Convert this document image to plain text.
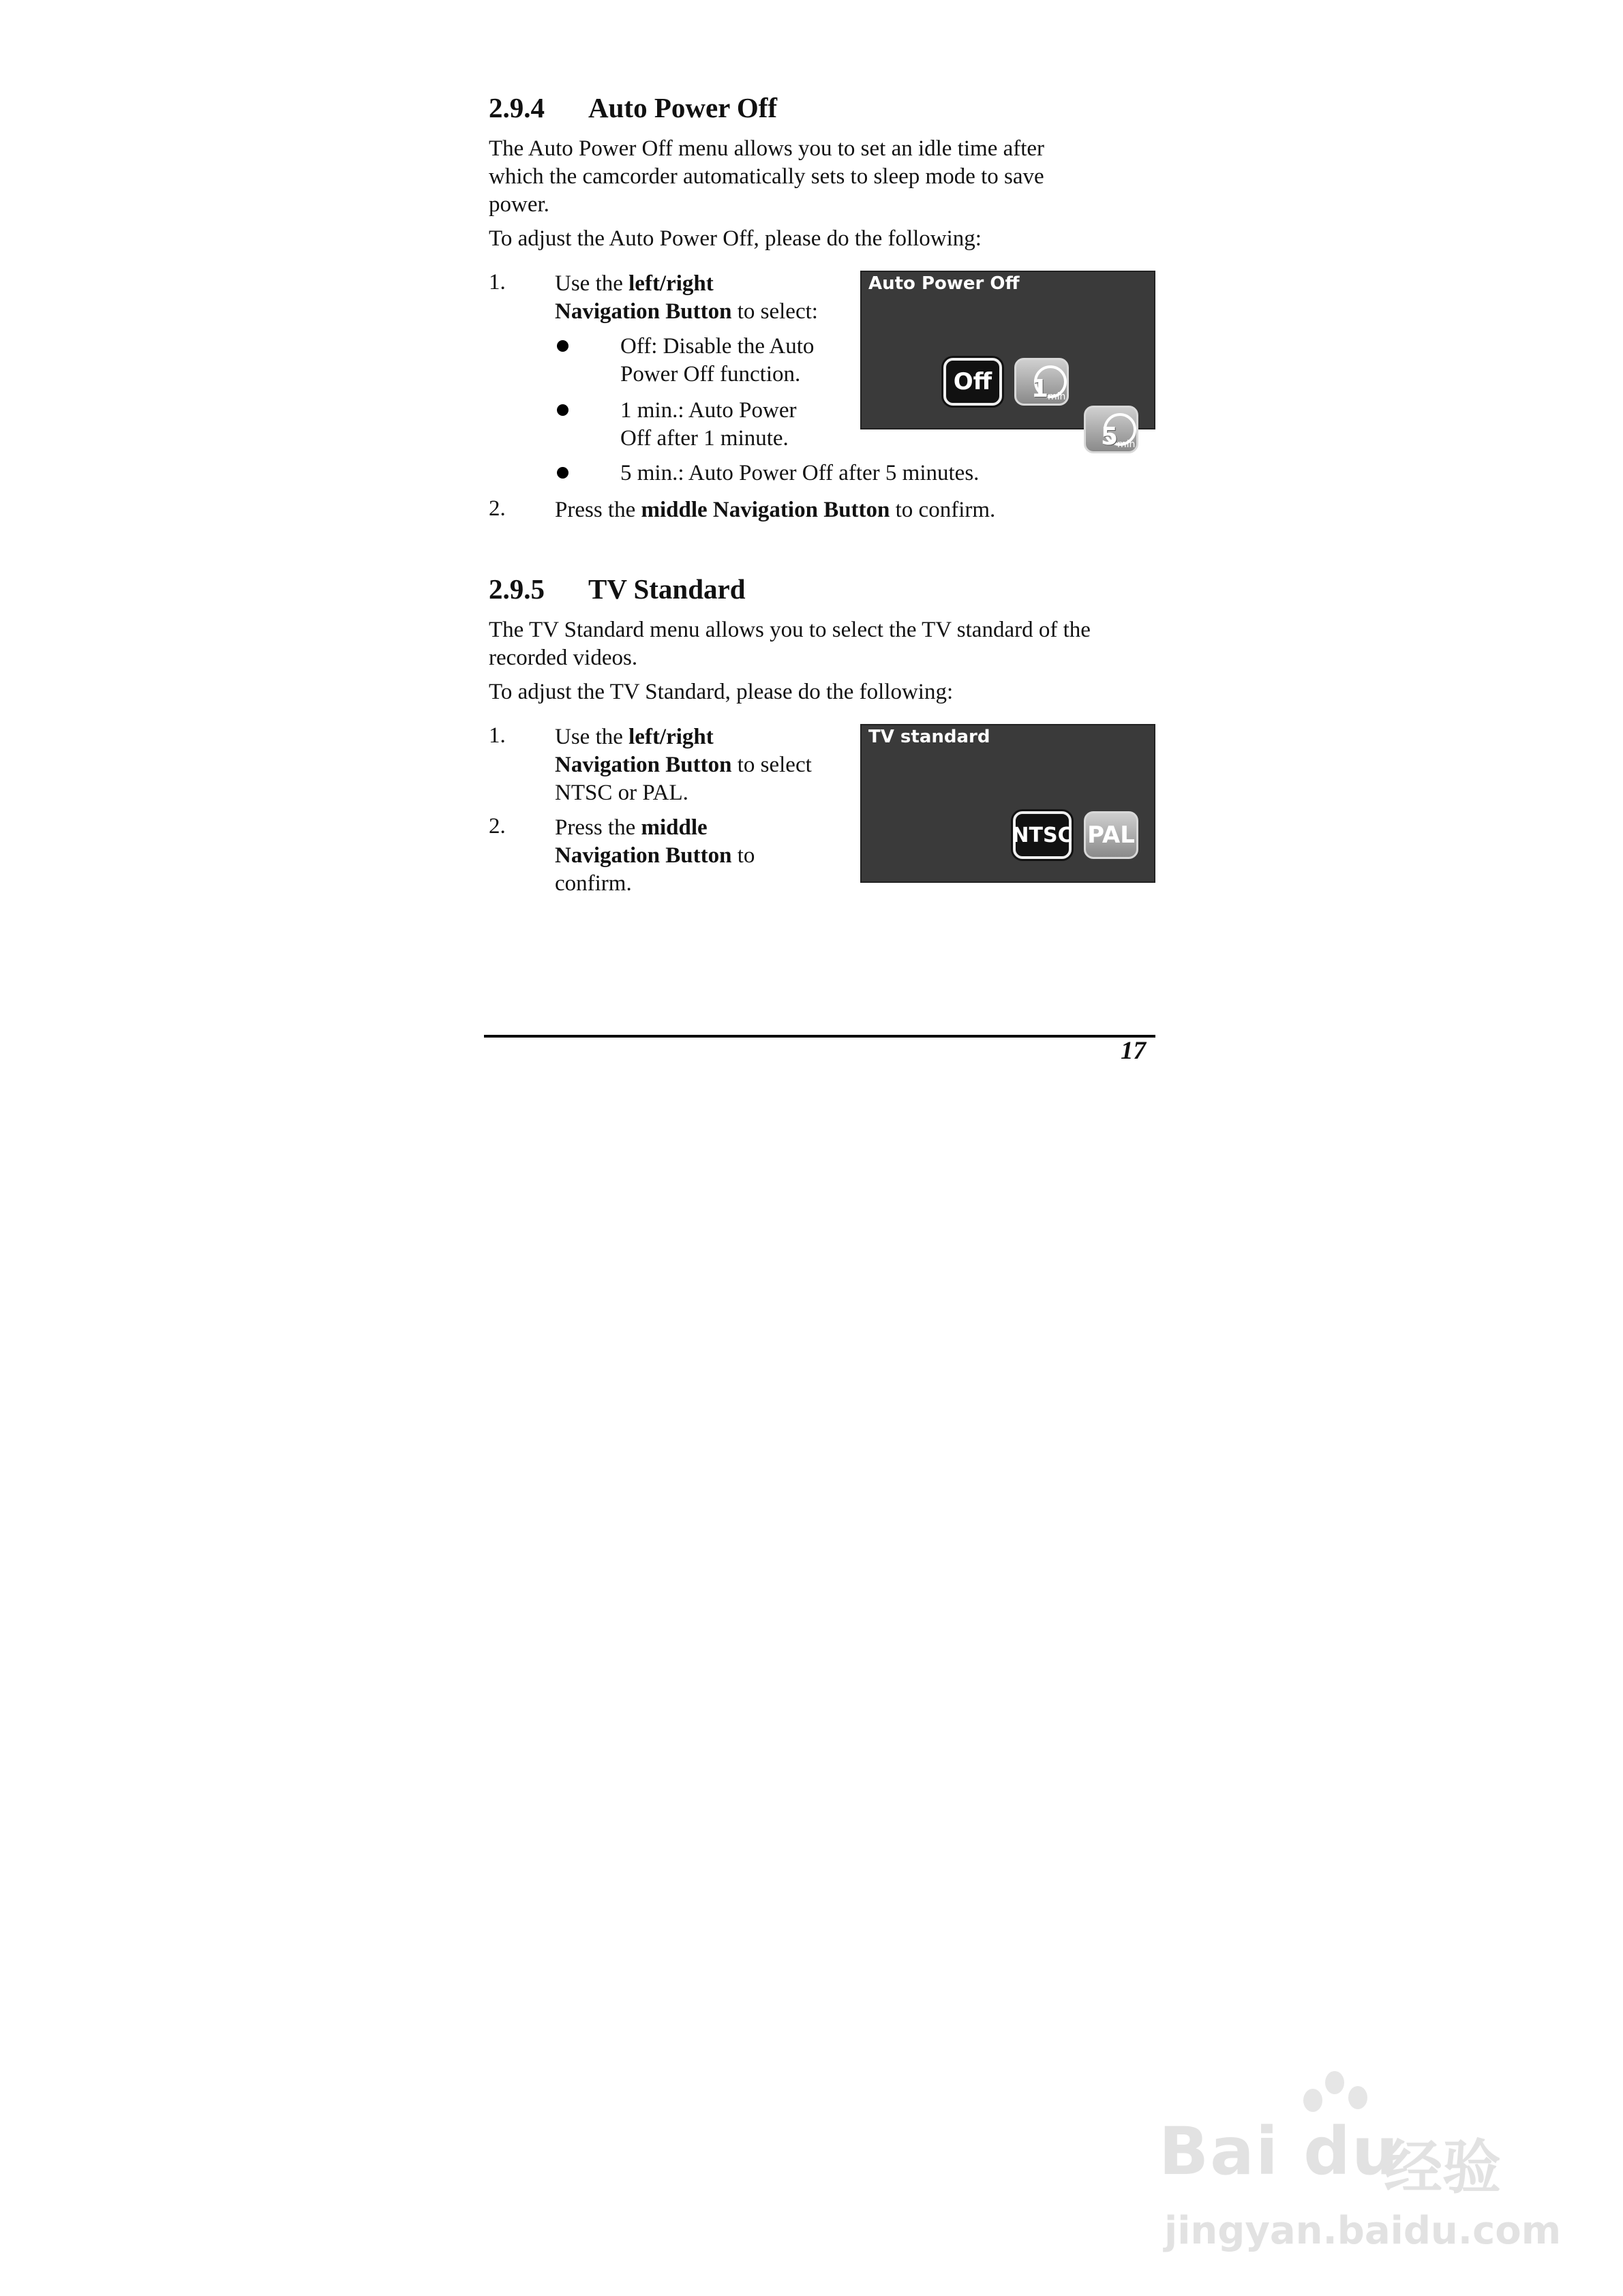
2.9.4 Auto Power Off
The Auto Power Off menu allows you to set an idle time after
which the camcorder automatically sets to sleep mode to save
power.
To adjust the Auto Power Off, please do the following:
1. Use the left/right
Navigation Button to select:
Off: Disable the Auto
Power Off function.
1 min.: Auto Power
Off after 1 minute.
5 min.: Auto Power Off after 5 minutes.
2. Press the middle Navigation Button to confirm.
Auto Power Off
Off 1
min
5
min
2.9.5 TV Standard
The TV Standard menu allows you to select the TV standard of the
recorded videos.
To adjust the TV Standard, please do the following:
1. Use the left/right
Navigation Button to select
NTSC or PAL.
2. Press the middle
Navigation Button to
confirm.
TV standard
NTSC PAL
17
Bai du
经验
jingyan.baidu.com
